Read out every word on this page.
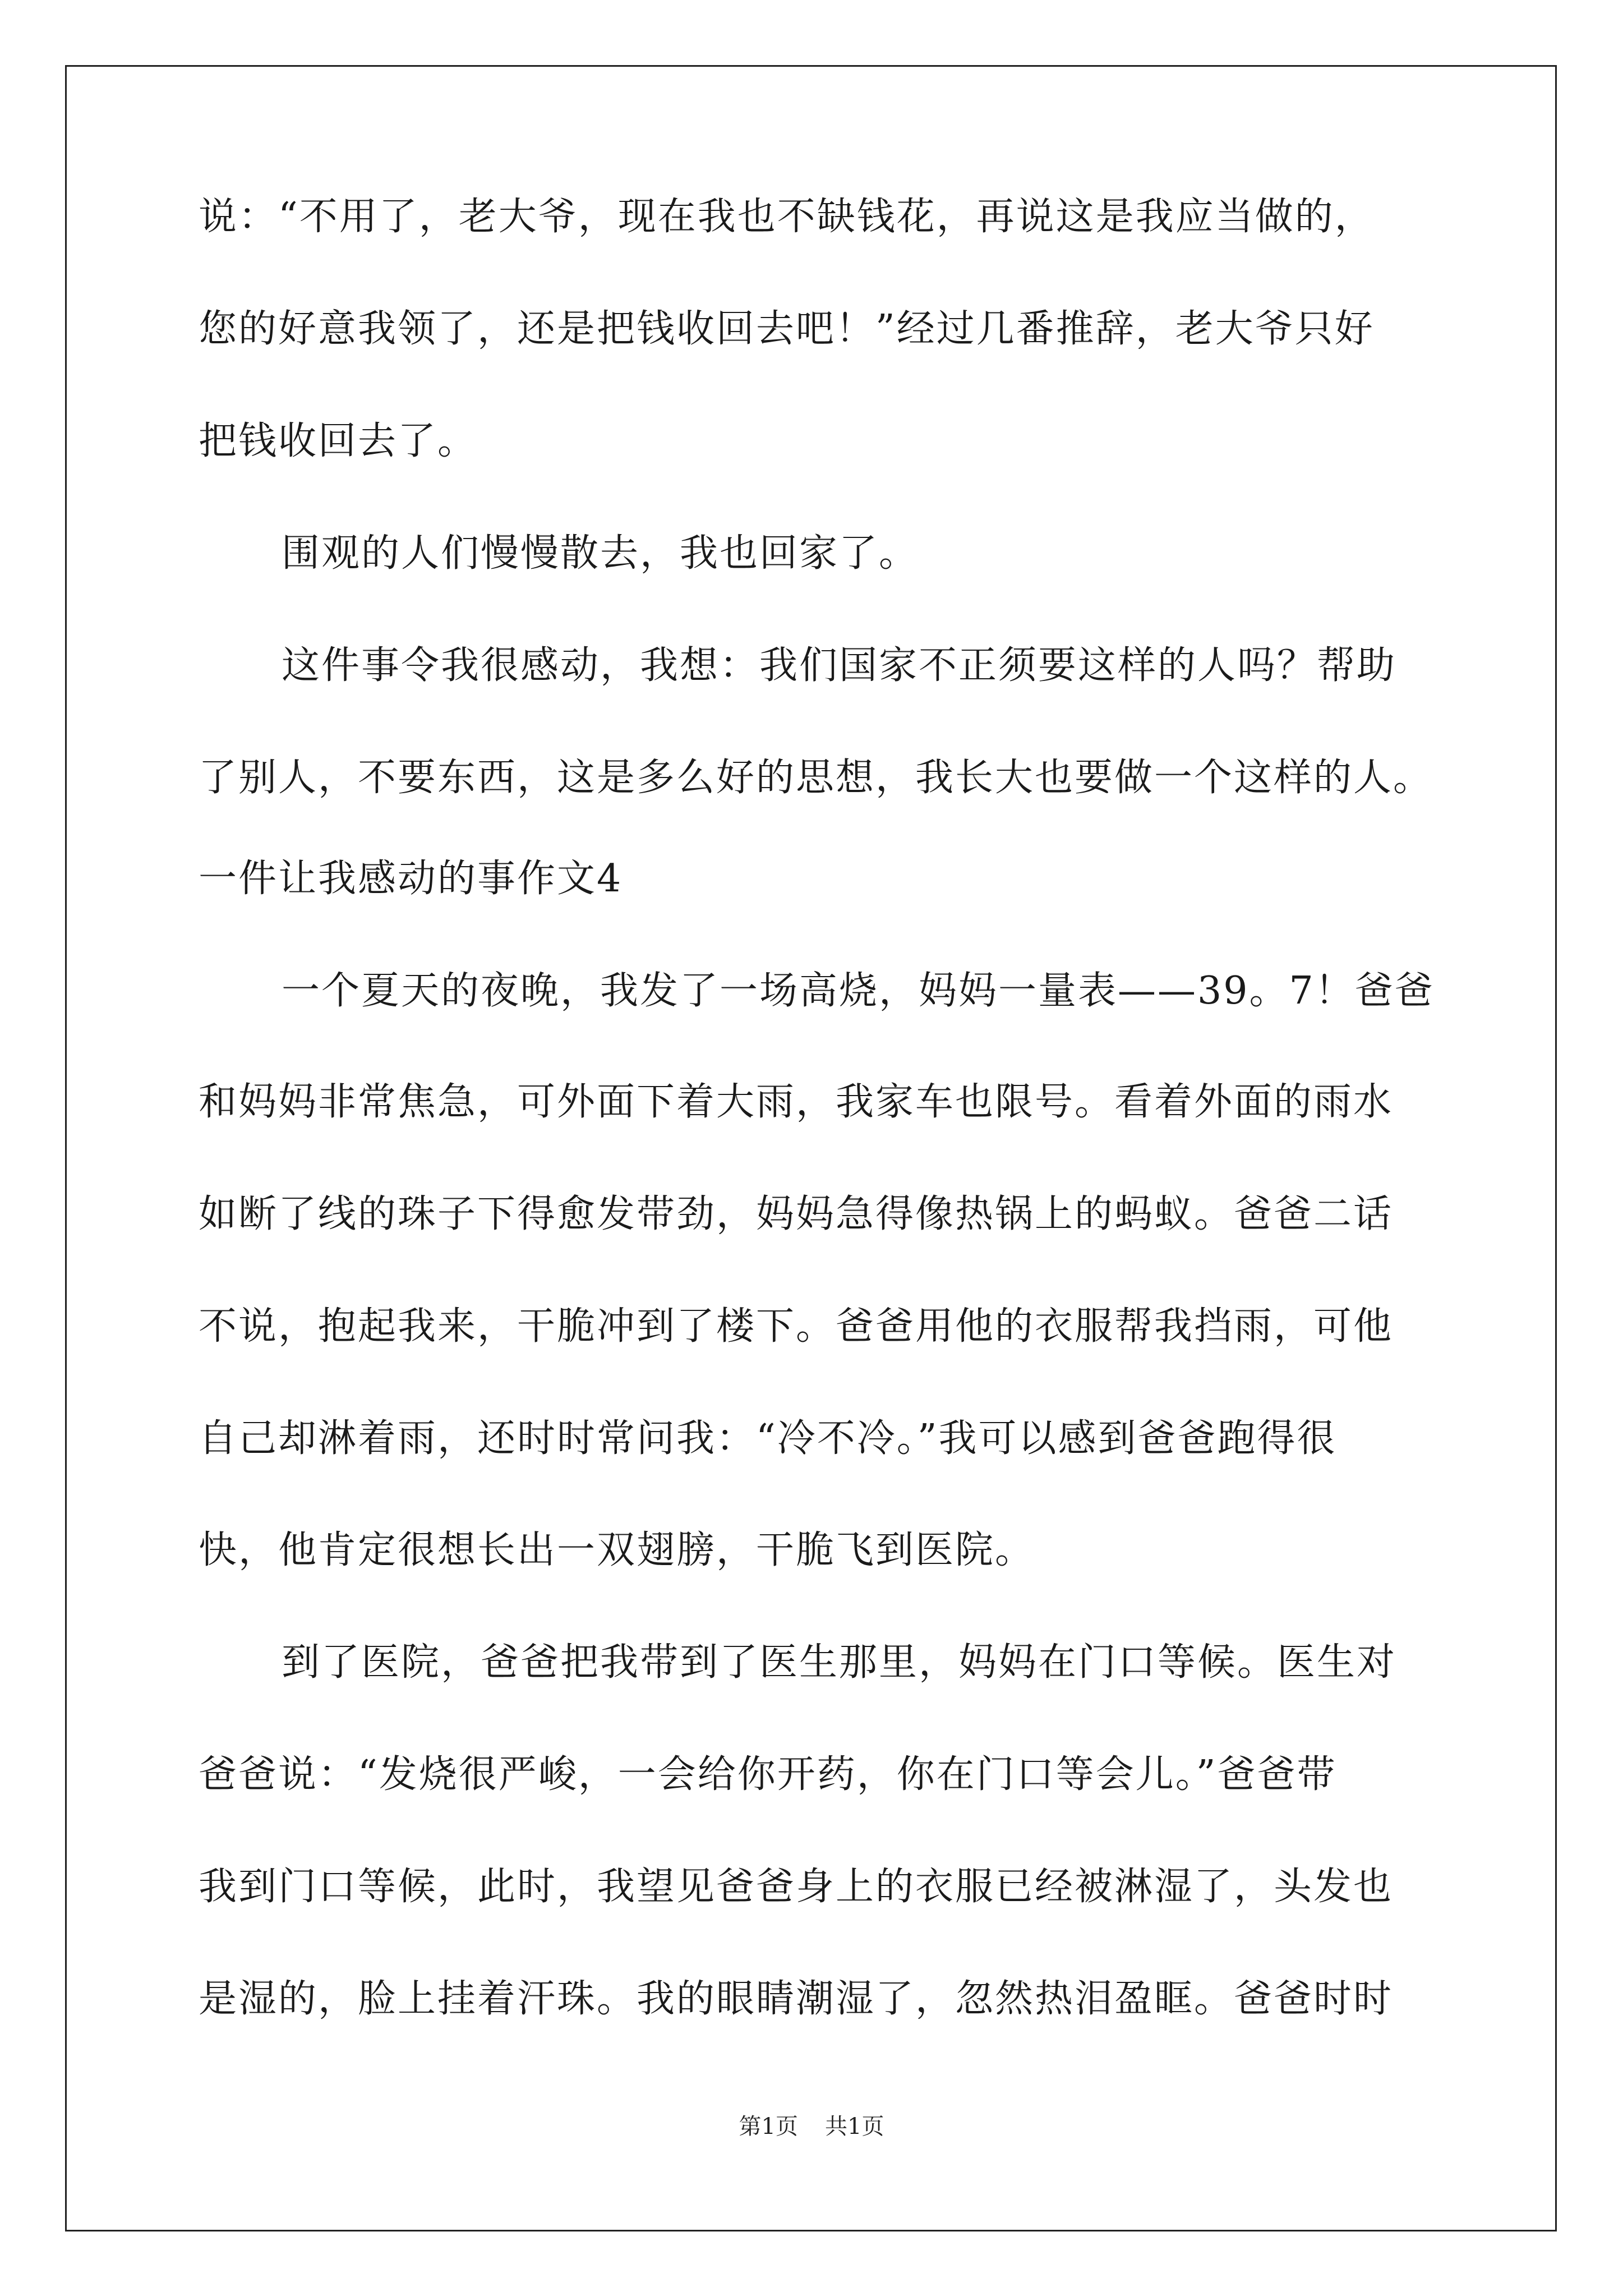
说：“不用了，老大爷，现在我也不缺钱花，再说这是我应当做的，
您的好意我领了，还是把钱收回去吧！”经过几番推辞，老大爷只好
把钱收回去了。
围观的人们慢慢散去，我也回家了。
这件事令我很感动，我想：我们国家不正须要这样的人吗？帮助
了别人，不要东西，这是多么好的思想，我长大也要做一个这样的人。
一件让我感动的事作文4
一个夏天的夜晚，我发了一场高烧，妈妈一量表——39。7！爸爸
和妈妈非常焦急，可外面下着大雨，我家车也限号。看着外面的雨水
如断了线的珠子下得愈发带劲，妈妈急得像热锅上的蚂蚁。爸爸二话
不说，抱起我来，干脆冲到了楼下。爸爸用他的衣服帮我挡雨，可他
自己却淋着雨，还时时常问我：“冷不冷。”我可以感到爸爸跑得很
快，他肯定很想长出一双翅膀，干脆飞到医院。
到了医院，爸爸把我带到了医生那里，妈妈在门口等候。医生对
爸爸说：“发烧很严峻，一会给你开药，你在门口等会儿。”爸爸带
我到门口等候，此时，我望见爸爸身上的衣服已经被淋湿了，头发也
是湿的，脸上挂着汗珠。我的眼睛潮湿了，忽然热泪盈眶。爸爸时时
第1页 共1页
